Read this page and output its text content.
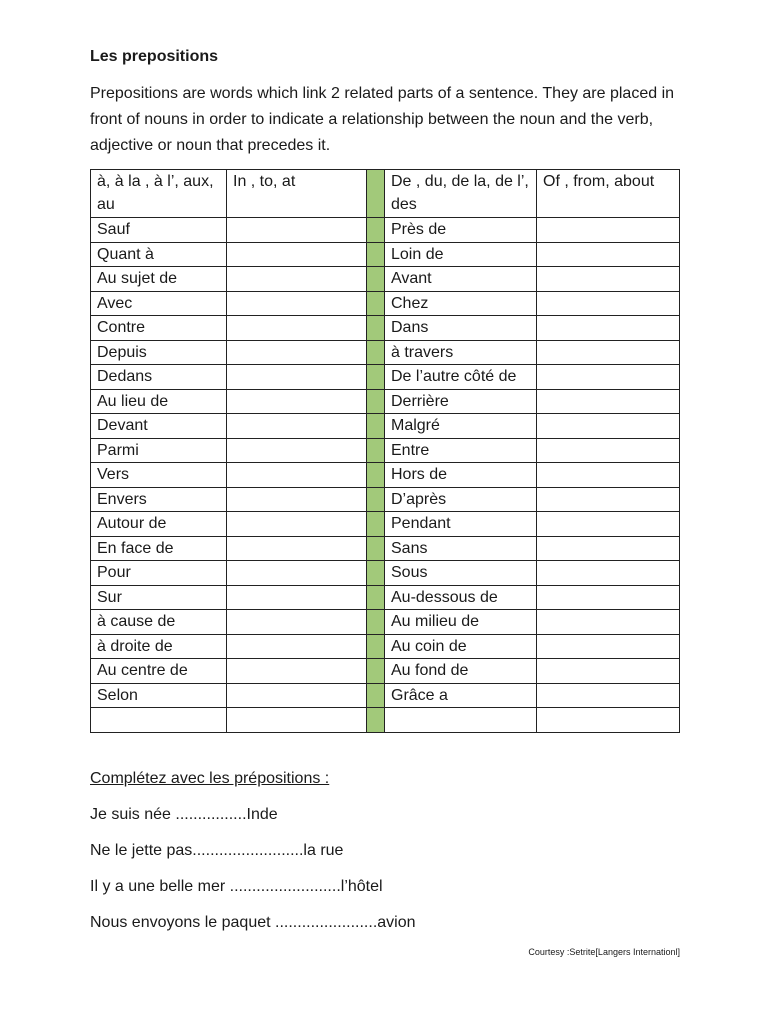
Les prepositions
Prepositions are words which link 2 related parts of a sentence. They are placed in front of nouns in order to indicate a relationship between the noun and the verb, adjective or noun that precedes it.
à, à la , à l’, aux, au	In , to, at		De , du, de la, de l’, des	Of , from, about
Sauf			Près de	
Quant à			Loin de	
Au sujet de			Avant	
Avec			Chez	
Contre			Dans	
Depuis			à travers	
Dedans			De l’autre côté de	
Au lieu de			Derrière	
Devant			Malgré	
Parmi			Entre	
Vers			Hors de	
Envers			D’après	
Autour de			Pendant	
En face de			Sans	
Pour			Sous	
Sur			Au-dessous de	
à cause de			Au milieu de	
à droite de			Au coin de	
Au centre de			Au fond de	
Selon			Grâce a	

Complétez avec les prépositions :
Je suis née ................Inde
Ne le jette pas.........................la rue
Il y a une belle mer .........................l’hôtel
Nous envoyons le paquet .......................avion
Courtesy :Setrite[Langers Internationl]
